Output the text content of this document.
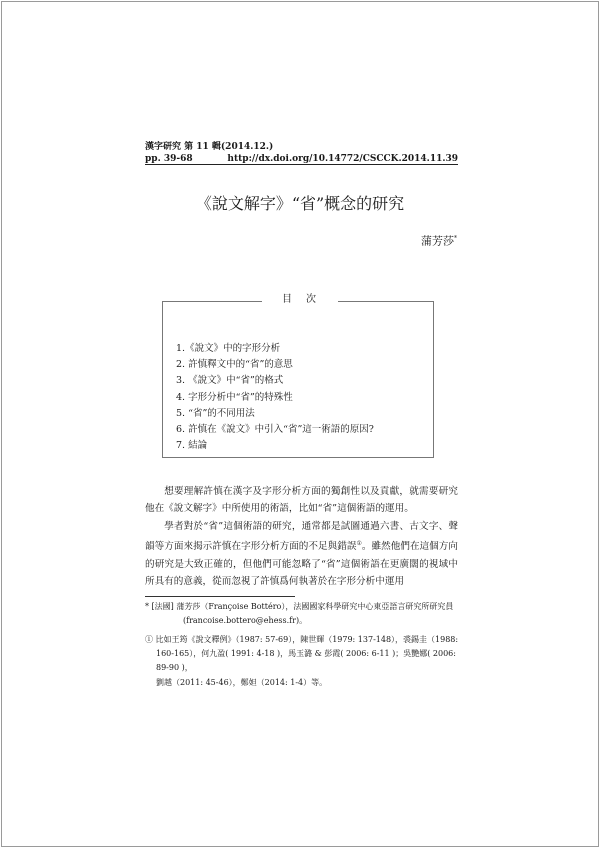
漢字研究 第 11 輯(2014.12.)
pp. 39-68	http://dx.doi.org/10.14772/CSCCK.2014.11.39
《說文解字》“省”概念的研究
蒲芳莎*
目　次
1.《說文》中的字形分析
2. 許慎釋文中的“省”的意思
3. 《說文》中“省”的格式
4. 字形分析中“省”的特殊性
5. “省”的不同用法
6. 許慎在《說文》中引入“省”這一術語的原因?
7. 結論

想要理解許慎在漢字及字形分析方面的獨創性以及貢獻，就需要研究他在《說文解字》中所使用的術語，比如“省”這個術語的運用。

學者對於“省”這個術語的研究，通常都是試圖通過六書、古文字、聲韻等方面來揭示許慎在字形分析方面的不足與錯誤①。雖然他們在這個方向的研究是大致正確的，但他們可能忽略了“省”這個術語在更廣闊的視域中所具有的意義，從而忽視了許慎爲何執著於在字形分析中運用

* [法國] 蒲芳莎（Françoise Bottéro），法國國家科學研究中心東亞語言研究所研究員

(francoise.bottero@ehess.fr)。

① 比如王筠《說文釋例》（1987: 57-69），陳世輝（1979: 137-148），裘錫圭（1988:

160-165），何九盈( 1991: 4-18 )，馬玉潞 & 彭霞( 2006: 6-11 )；吳艷娜( 2006: 89-90 )，

劉越（2011: 45-46），鄭妲（2014: 1-4）等。
